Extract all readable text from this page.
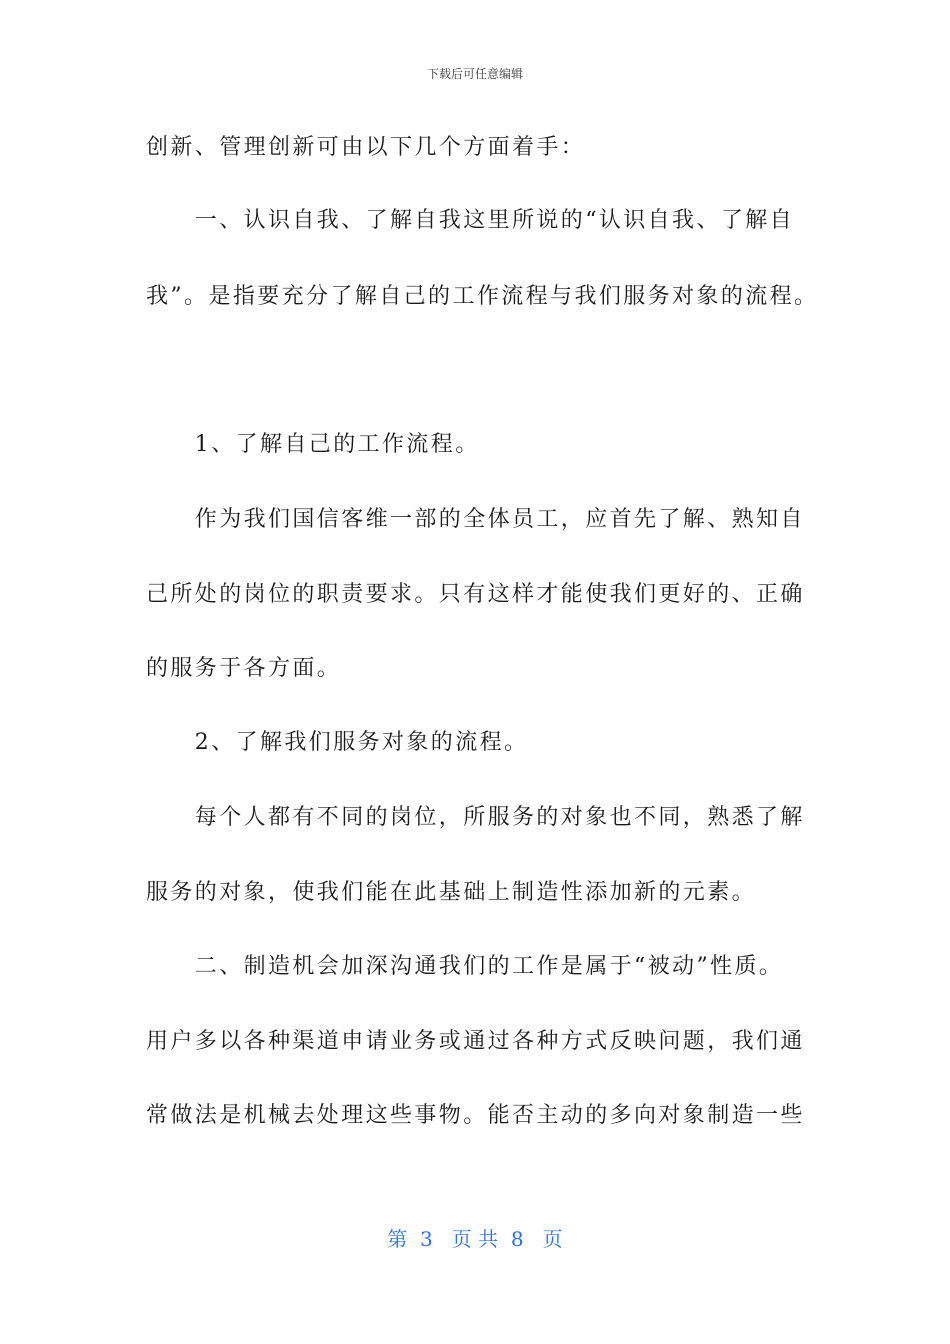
下载后可任意编辑
创新、管理创新可由以下几个方面着手：
　　一、认识自我、了解自我这里所说的“认识自我、了解自
我”。是指要充分了解自己的工作流程与我们服务对象的流程。
　　1、了解自己的工作流程。
　　作为我们国信客维一部的全体员工，应首先了解、熟知自
己所处的岗位的职责要求。只有这样才能使我们更好的、正确
的服务于各方面。
　　2、了解我们服务对象的流程。
　　每个人都有不同的岗位，所服务的对象也不同，熟悉了解
服务的对象，使我们能在此基础上制造性添加新的元素。
　　二、制造机会加深沟通我们的工作是属于“被动”性质。
用户多以各种渠道申请业务或通过各种方式反映问题，我们通
常做法是机械去处理这些事物。能否主动的多向对象制造一些
第  3   页 共  8   页
